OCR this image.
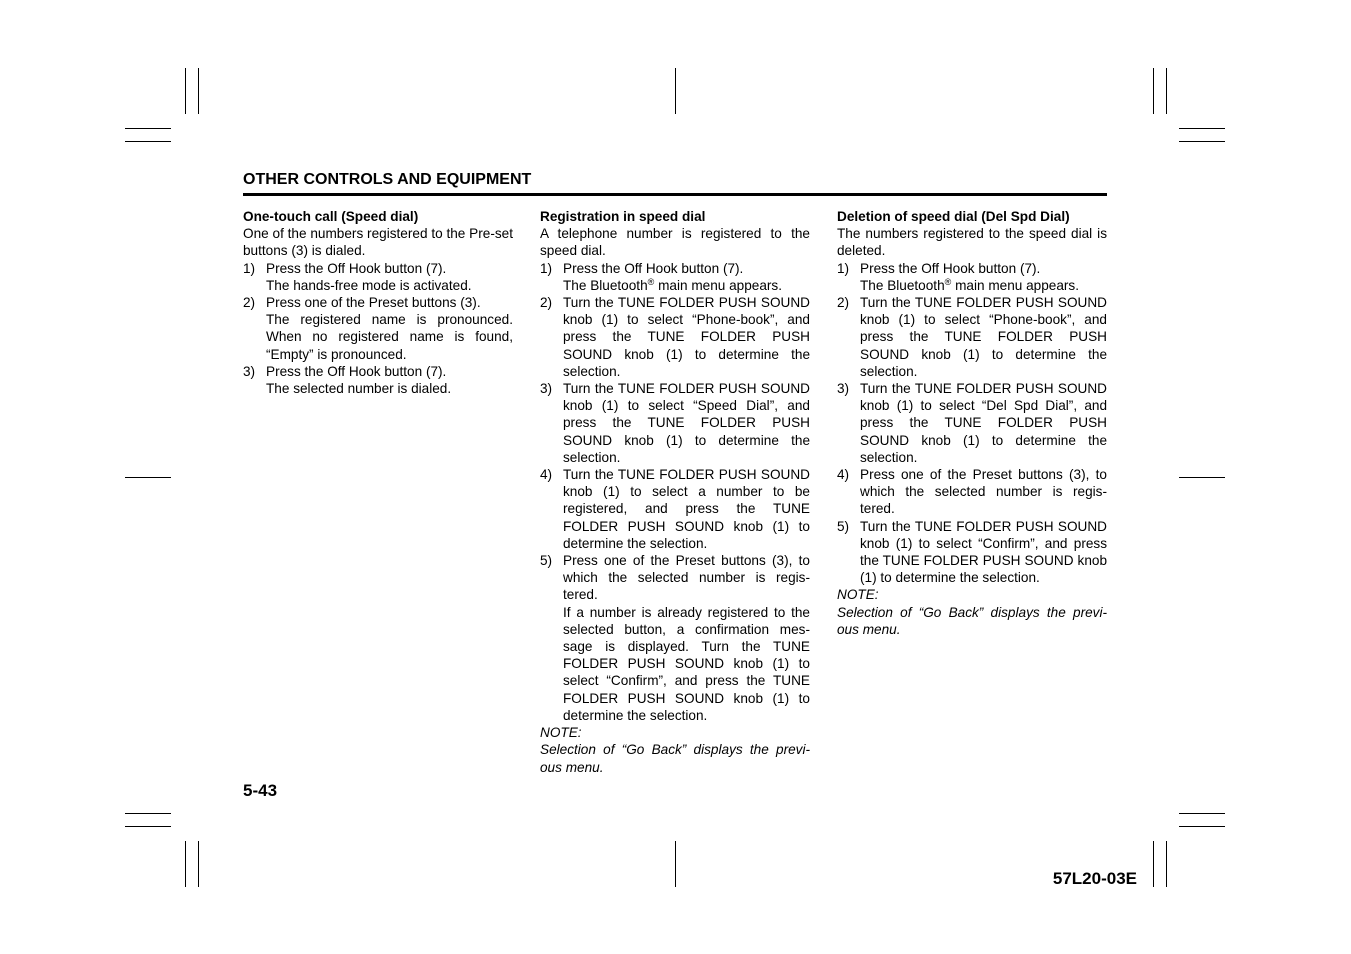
OTHER CONTROLS AND EQUIPMENT

One-touch call (Speed dial)

One of the numbers registered to the Pre-set buttons (3) is dialed.

1) Press the Off Hook button (7).
The hands-free mode is activated.
2) Press one of the Preset buttons (3).
The registered name is pronounced. When no registered name is found, “Empty” is pronounced.
3) Press the Off Hook button (7).
The selected number is dialed.

Registration in speed dial

A telephone number is registered to the speed dial.

1) Press the Off Hook button (7).
The Bluetooth® main menu appears.
2) Turn the TUNE FOLDER PUSH SOUND knob (1) to select “Phone-book”, and press the TUNE FOLDER PUSH SOUND knob (1) to determine the selection.
3) Turn the TUNE FOLDER PUSH SOUND knob (1) to select “Speed Dial”, and press the TUNE FOLDER PUSH SOUND knob (1) to determine the selection.
4) Turn the TUNE FOLDER PUSH SOUND knob (1) to select a number to be registered, and press the TUNE FOLDER PUSH SOUND knob (1) to determine the selection.
5) Press one of the Preset buttons (3), to which the selected number is regis-tered.
If a number is already registered to the selected button, a confirmation mes-sage is displayed. Turn the TUNE FOLDER PUSH SOUND knob (1) to select “Confirm”, and press the TUNE FOLDER PUSH SOUND knob (1) to determine the selection.

NOTE:

Selection of “Go Back” displays the previ-ous menu.

Deletion of speed dial (Del Spd Dial)

The numbers registered to the speed dial is deleted.

1) Press the Off Hook button (7).
The Bluetooth® main menu appears.
2) Turn the TUNE FOLDER PUSH SOUND knob (1) to select “Phone-book”, and press the TUNE FOLDER PUSH SOUND knob (1) to determine the selection.
3) Turn the TUNE FOLDER PUSH SOUND knob (1) to select “Del Spd Dial”, and press the TUNE FOLDER PUSH SOUND knob (1) to determine the selection.
4) Press one of the Preset buttons (3), to which the selected number is regis-tered.
5) Turn the TUNE FOLDER PUSH SOUND knob (1) to select “Confirm”, and press the TUNE FOLDER PUSH SOUND knob (1) to determine the selection.

NOTE:

Selection of “Go Back” displays the previ-ous menu.

5-43
57L20-03E
